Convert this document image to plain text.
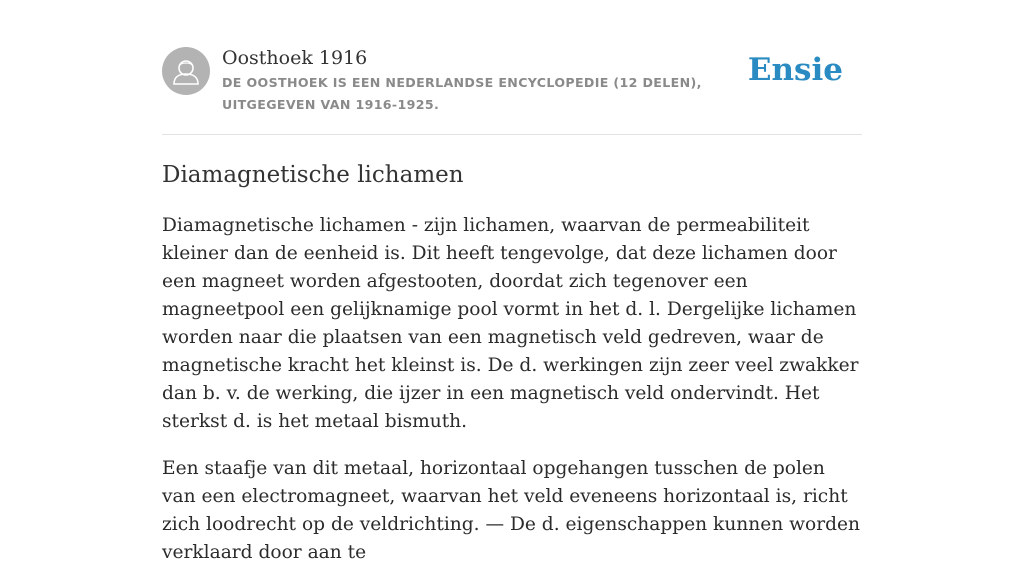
Oosthoek 1916

DE OOSTHOEK IS EEN NEDERLANDSE ENCYCLOPEDIE (12 DELEN), UITGEGEVEN VAN 1916-1925.

Ensie
Diamagnetische lichamen

Diamagnetische lichamen - zijn lichamen, waarvan de permeabiliteit kleiner dan de eenheid is. Dit heeft tengevolge, dat deze lichamen door een magneet worden afgestooten, doordat zich tegenover een magneetpool een gelijknamige pool vormt in het d. l. Dergelijke lichamen worden naar die plaatsen van een magnetisch veld gedreven, waar de magnetische kracht het kleinst is. De d. werkingen zijn zeer veel zwakker dan b. v. de werking, die ijzer in een magnetisch veld ondervindt. Het sterkst d. is het metaal bismuth.

Een staafje van dit metaal, horizontaal opgehangen tusschen de polen van een electromagneet, waarvan het veld eveneens horizontaal is, richt zich loodrecht op de veldrichting. — De d. eigenschappen kunnen worden verklaard door aan te
